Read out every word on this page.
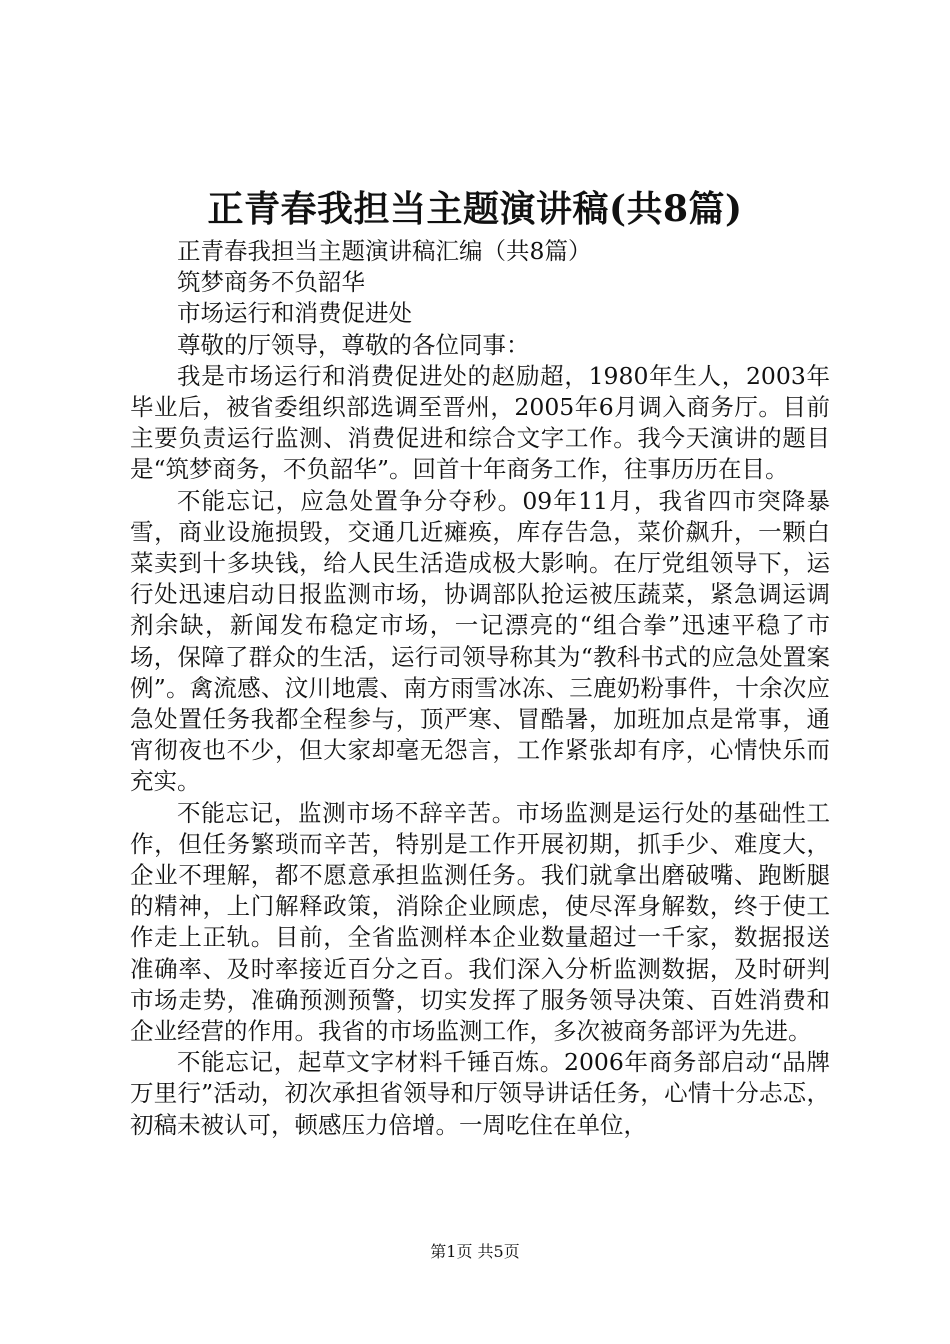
正青春我担当主题演讲稿(共8篇)

正青春我担当主题演讲稿汇编（共8篇）

筑梦商务不负韶华

市场运行和消费促进处

尊敬的厅领导，尊敬的各位同事：

我是市场运行和消费促进处的赵励超，1980年生人，2003年毕业后，被省委组织部选调至晋州，2005年6月调入商务厅。目前主要负责运行监测、消费促进和综合文字工作。我今天演讲的题目是“筑梦商务，不负韶华”。回首十年商务工作，往事历历在目。

不能忘记，应急处置争分夺秒。09年11月，我省四市突降暴雪，商业设施损毁，交通几近瘫痪，库存告急，菜价飙升，一颗白菜卖到十多块钱，给人民生活造成极大影响。在厅党组领导下，运行处迅速启动日报监测市场，协调部队抢运被压蔬菜，紧急调运调剂余缺，新闻发布稳定市场，一记漂亮的“组合拳”迅速平稳了市场，保障了群众的生活，运行司领导称其为“教科书式的应急处置案例”。禽流感、汶川地震、南方雨雪冰冻、三鹿奶粉事件，十余次应急处置任务我都全程参与，顶严寒、冒酷暑，加班加点是常事，通宵彻夜也不少，但大家却毫无怨言，工作紧张却有序，心情快乐而充实。

不能忘记，监测市场不辞辛苦。市场监测是运行处的基础性工作，但任务繁琐而辛苦，特别是工作开展初期，抓手少、难度大，企业不理解，都不愿意承担监测任务。我们就拿出磨破嘴、跑断腿的精神，上门解释政策，消除企业顾虑，使尽浑身解数，终于使工作走上正轨。目前，全省监测样本企业数量超过一千家，数据报送准确率、及时率接近百分之百。我们深入分析监测数据，及时研判市场走势，准确预测预警，切实发挥了服务领导决策、百姓消费和企业经营的作用。我省的市场监测工作，多次被商务部评为先进。

不能忘记，起草文字材料千锤百炼。2006年商务部启动“品牌万里行”活动，初次承担省领导和厅领导讲话任务，心情十分忐忑，初稿未被认可，顿感压力倍增。一周吃住在单位，

第1页 共5页
